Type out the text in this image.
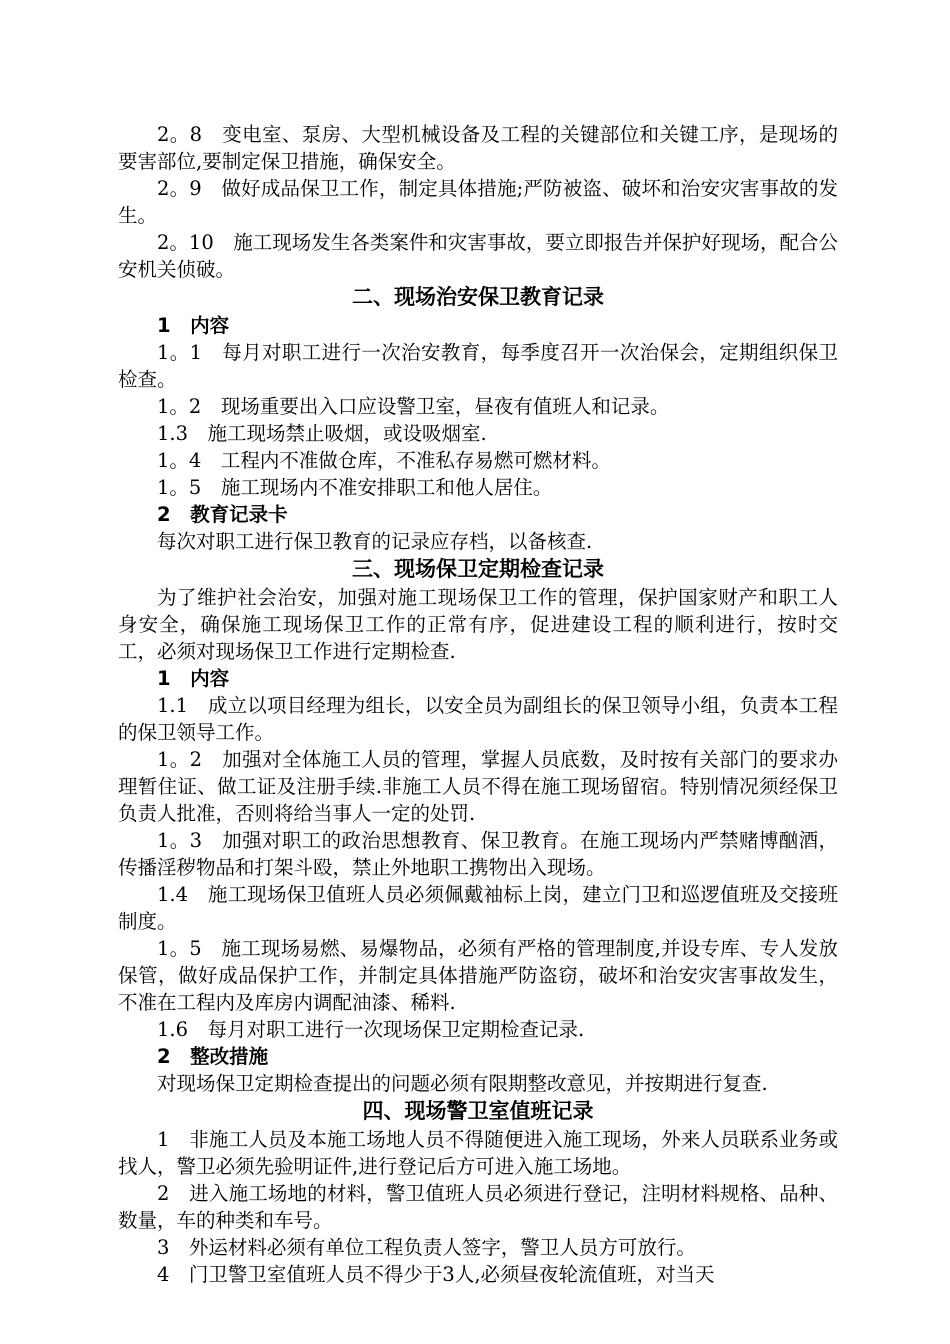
2。8　变电室、泵房、大型机械设备及工程的关键部位和关键工序，是现场的要害部位,要制定保卫措施，确保安全。

2。9　做好成品保卫工作，制定具体措施;严防被盗、破坏和治安灾害事故的发生。

2。10　施工现场发生各类案件和灾害事故，要立即报告并保护好现场，配合公安机关侦破。

二、现场治安保卫教育记录

1　内容

1。1　每月对职工进行一次治安教育，每季度召开一次治保会，定期组织保卫检查。

1。2　现场重要出入口应设警卫室，昼夜有值班人和记录。

1.3　施工现场禁止吸烟，或设吸烟室.

1。4　工程内不准做仓库，不准私存易燃可燃材料。

1。5　施工现场内不准安排职工和他人居住。

2　教育记录卡

每次对职工进行保卫教育的记录应存档，以备核查.

三、现场保卫定期检查记录

为了维护社会治安，加强对施工现场保卫工作的管理，保护国家财产和职工人身安全，确保施工现场保卫工作的正常有序，促进建设工程的顺利进行，按时交工，必须对现场保卫工作进行定期检查.

1　内容

1.1　成立以项目经理为组长，以安全员为副组长的保卫领导小组，负责本工程的保卫领导工作。

1。2　加强对全体施工人员的管理，掌握人员底数，及时按有关部门的要求办理暂住证、做工证及注册手续.非施工人员不得在施工现场留宿。特别情况须经保卫负责人批准，否则将给当事人一定的处罚.

1。3　加强对职工的政治思想教育、保卫教育。在施工现场内严禁赌博酗酒，传播淫秽物品和打架斗殴，禁止外地职工携物出入现场。

1.4　施工现场保卫值班人员必须佩戴袖标上岗，建立门卫和巡逻值班及交接班制度。

1。5　施工现场易燃、易爆物品，必须有严格的管理制度,并设专库、专人发放保管，做好成品保护工作，并制定具体措施严防盗窃，破坏和治安灾害事故发生，不准在工程内及库房内调配油漆、稀料.

1.6　每月对职工进行一次现场保卫定期检查记录.

2　整改措施

对现场保卫定期检查提出的问题必须有限期整改意见，并按期进行复查.

四、现场警卫室值班记录

1　非施工人员及本施工场地人员不得随便进入施工现场，外来人员联系业务或找人，警卫必须先验明证件,进行登记后方可进入施工场地。

2　进入施工场地的材料，警卫值班人员必须进行登记，注明材料规格、品种、数量，车的种类和车号。

3　外运材料必须有单位工程负责人签字，警卫人员方可放行。

4　门卫警卫室值班人员不得少于3人,必须昼夜轮流值班，对当天
